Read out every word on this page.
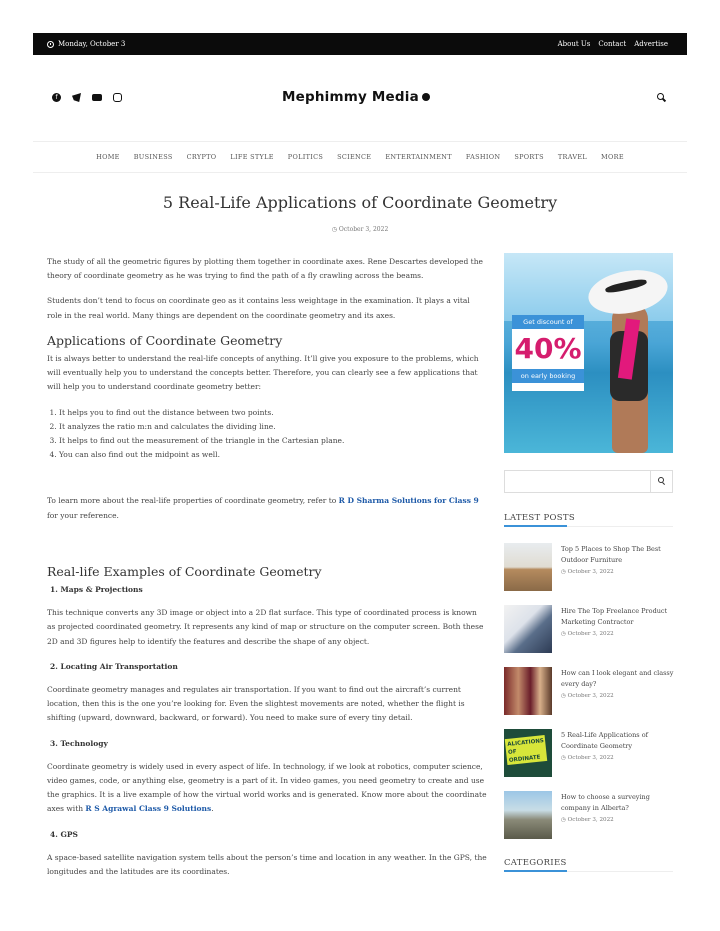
Monday, October 3	About Us Contact Advertise
f	Mephimmy Media
HOME BUSINESS CRYPTO LIFE STYLE POLITICS SCIENCE ENTERTAINMENT FASHION SPORTS TRAVEL MORE
5 Real-Life Applications of Coordinate Geometry
◷ October 3, 2022

The study of all the geometric figures by plotting them together in coordinate axes. Rene Descartes developed the theory of coordinate geometry as he was trying to find the path of a fly crawling across the beams.

Students don’t tend to focus on coordinate geo as it contains less weightage in the examination. It plays a vital role in the real world. Many things are dependent on the coordinate geometry and its axes.

Applications of Coordinate Geometry

It is always better to understand the real-life concepts of anything. It’ll give you exposure to the problems, which will eventually help you to understand the concepts better. Therefore, you can clearly see a few applications that will help you to understand coordinate geometry better:

1. It helps you to find out the distance between two points.
2. It analyzes the ratio m:n and calculates the dividing line.
3. It helps to find out the measurement of the triangle in the Cartesian plane.
4. You can also find out the midpoint as well.

To learn more about the real-life properties of coordinate geometry, refer to R D Sharma Solutions for Class 9 for your reference.

Real-life Examples of Coordinate Geometry
1. Maps & Projections

This technique converts any 3D image or object into a 2D flat surface. This type of coordinated process is known as projected coordinated geometry. It represents any kind of map or structure on the computer screen. Both these 2D and 3D figures help to identify the features and describe the shape of any object.

2. Locating Air Transportation

Coordinate geometry manages and regulates air transportation. If you want to find out the aircraft’s current location, then this is the one you’re looking for. Even the slightest movements are noted, whether the flight is shifting (upward, downward, backward, or forward). You need to make sure of every tiny detail.

3. Technology

Coordinate geometry is widely used in every aspect of life. In technology, if we look at robotics, computer science, video games, code, or anything else, geometry is a part of it. In video games, you need geometry to create and use the graphics. It is a live example of how the virtual world works and is generated. Know more about the coordinate axes with R S Agrawal Class 9 Solutions.

4. GPS

A space-based satellite navigation system tells about the person’s time and location in any weather. In the GPS, the longitudes and the latitudes are its coordinates.

Get discount of
40%
on early booking
LATEST POSTS
Top 5 Places to Shop The Best Outdoor Furniture
◷ October 3, 2022
Hire The Top Freelance Product Marketing Contractor
◷ October 3, 2022
How can I look elegant and classy every day?
◷ October 3, 2022
ALICATIONS OF ORDINATE METRY
5 Real-Life Applications of Coordinate Geometry
◷ October 3, 2022
How to choose a surveying company in Alberta?
◷ October 3, 2022
CATEGORIES
